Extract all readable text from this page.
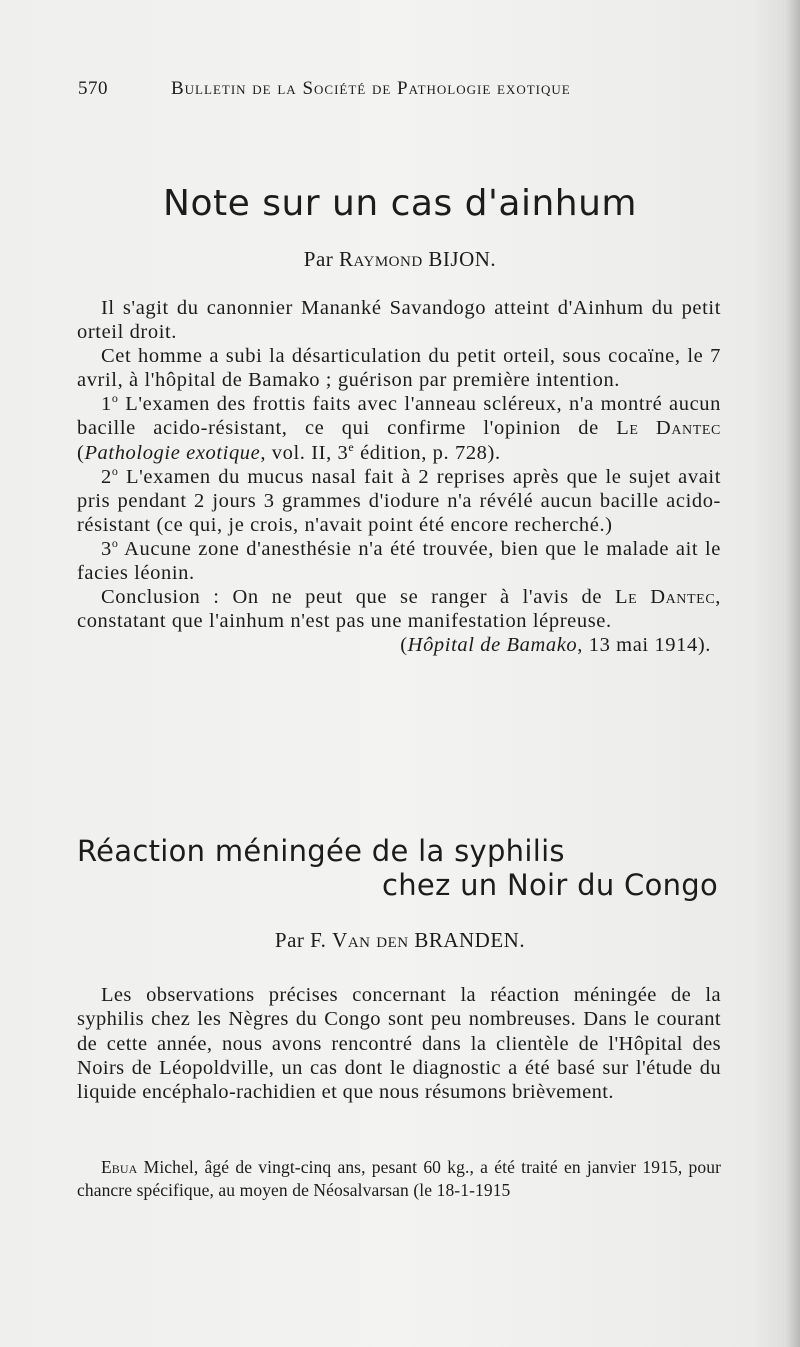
570	Bulletin de la Société de Pathologie exotique
Note sur un cas d'ainhum
Par Raymond BIJON.

Il s'agit du canonnier Mananké Savandogo atteint d'Ainhum du petit orteil droit.

Cet homme a subi la désarticulation du petit orteil, sous cocaïne, le 7 avril, à l'hôpital de Bamako ; guérison par première intention.

1$^o$ L'examen des frottis faits avec l'anneau scléreux, n'a montré aucun bacille acido-résistant, ce qui confirme l'opinion de Le Dantec (Pathologie exotique, vol. II, 3e édition, p. 728).

2$^o$ L'examen du mucus nasal fait à 2 reprises après que le sujet avait pris pendant 2 jours 3 grammes d'iodure n'a révélé aucun bacille acido-résistant (ce qui, je crois, n'avait point été encore recherché.)

3$^o$ Aucune zone d'anesthésie n'a été trouvée, bien que le malade ait le facies léonin.

Conclusion : On ne peut que se ranger à l'avis de Le Dantec, constatant que l'ainhum n'est pas une manifestation lépreuse.

(Hôpital de Bamako, 13 mai 1914).

Réaction méningée de la syphilis
chez un Noir du Congo
Par F. Van den BRANDEN.

Les observations précises concernant la réaction méningée de la syphilis chez les Nègres du Congo sont peu nombreuses. Dans le courant de cette année, nous avons rencontré dans la clientèle de l'Hôpital des Noirs de Léopoldville, un cas dont le diagnostic a été basé sur l'étude du liquide encéphalo-rachidien et que nous résumons brièvement.

Ebua Michel, âgé de vingt-cinq ans, pesant 60 kg., a été traité en janvier 1915, pour chancre spécifique, au moyen de Néosalvarsan (le 18-1-1915
